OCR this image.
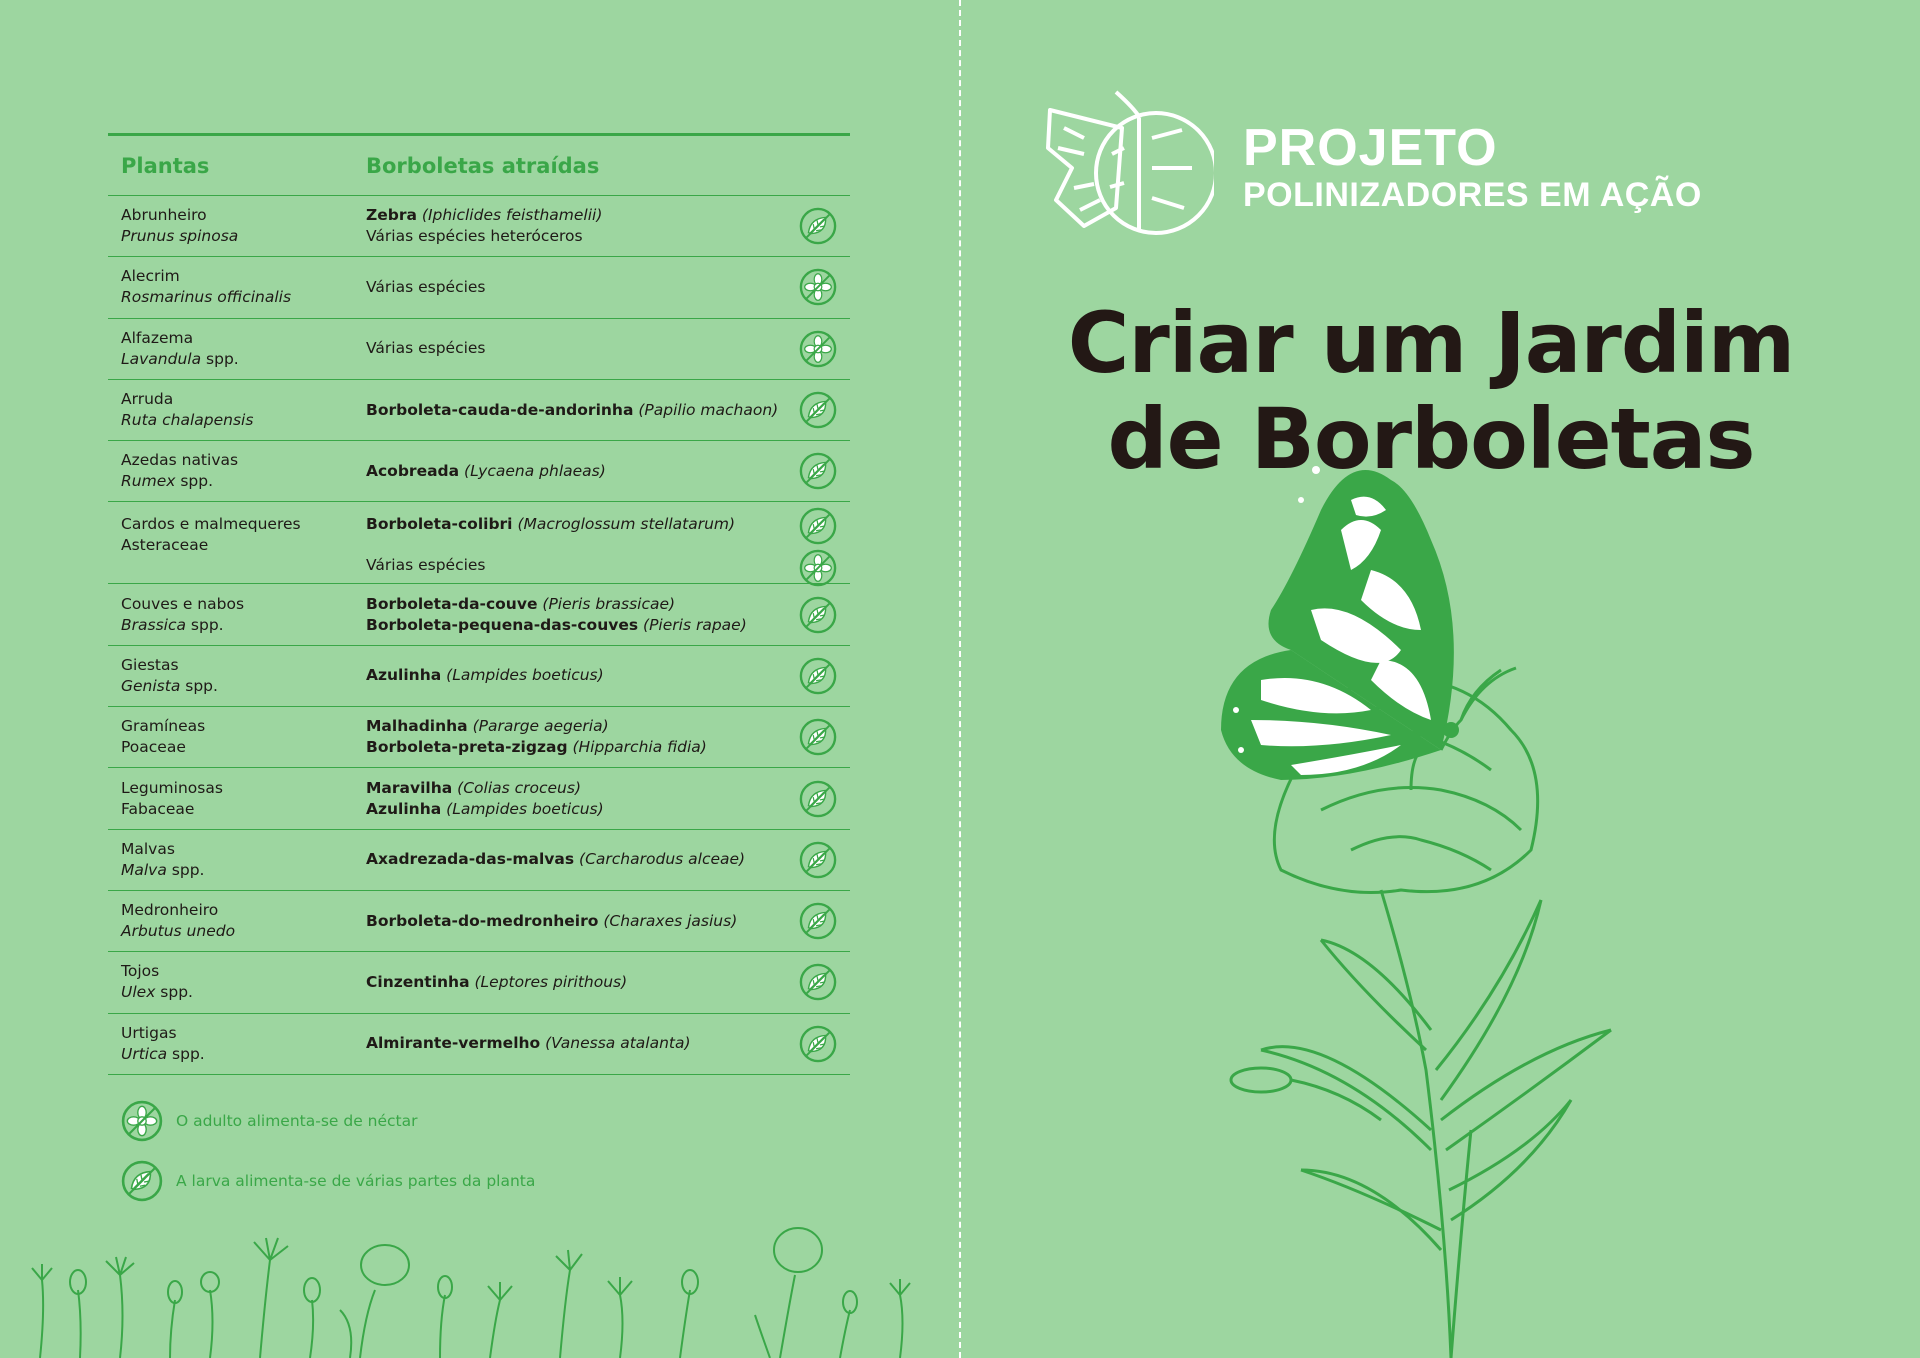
Plantas	Borboletas atraídas
Abrunheiro
Prunus spinosa
Zebra (Iphiclides feisthamelii)
Várias espécies heteróceros
Alecrim
Rosmarinus officinalis
Várias espécies
Alfazema
Lavandula spp.
Várias espécies
Arruda
Ruta chalapensis
Borboleta-cauda-de-andorinha (Papilio machaon)
Azedas nativas
Rumex spp.
Acobreada (Lycaena phlaeas)
Cardos e malmequeres
Asteraceae
Borboleta-colibri (Macroglossum stellatarum)
Várias espécies
Couves e nabos
Brassica spp.
Borboleta-da-couve (Pieris brassicae)
Borboleta-pequena-das-couves (Pieris rapae)
Giestas
Genista spp.
Azulinha (Lampides boeticus)
Gramíneas
Poaceae
Malhadinha (Pararge aegeria)
Borboleta-preta-zigzag (Hipparchia fidia)
Leguminosas
Fabaceae
Maravilha (Colias croceus)
Azulinha (Lampides boeticus)
Malvas
Malva spp.
Axadrezada-das-malvas (Carcharodus alceae)
Medronheiro
Arbutus unedo
Borboleta-do-medronheiro (Charaxes jasius)
Tojos
Ulex spp.
Cinzentinha (Leptores pirithous)
Urtigas
Urtica spp.
Almirante-vermelho (Vanessa atalanta)
O adulto alimenta-se de néctar
A larva alimenta-se de várias partes da planta
PROJETO
POLINIZADORES EM AÇÃO
Criar um Jardim
de Borboletas
